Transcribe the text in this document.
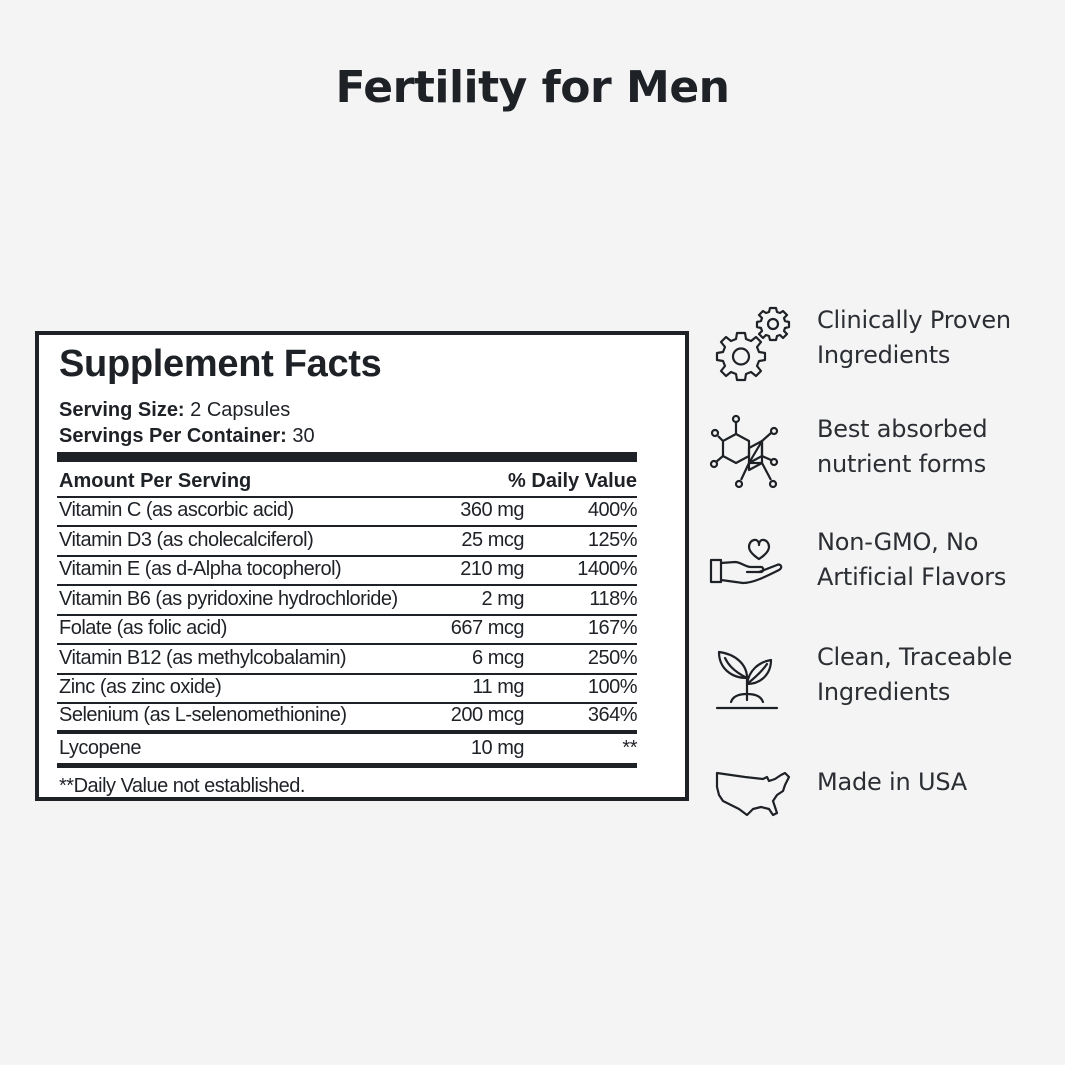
Fertility for Men
Supplement Facts
Serving Size: 2 Capsules
Servings Per Container: 30
Amount Per Serving	% Daily Value
Vitamin C (as ascorbic acid)	360 mg	400%
Vitamin D3 (as cholecalciferol)	25 mcg	125%
Vitamin E (as d-Alpha tocopherol)	210 mg	1400%
Vitamin B6 (as pyridoxine hydrochloride)	2 mg	118%
Folate (as folic acid)	667 mcg	167%
Vitamin B12 (as methylcobalamin)	6 mcg	250%
Zinc (as zinc oxide)	11 mg	100%
Selenium (as L-selenomethionine)	200 mcg	364%
Lycopene	10 mg	**
**Daily Value not established.
Clinically Proven
Ingredients
Best absorbed
nutrient forms
Non-GMO, No
Artificial Flavors
Clean, Traceable
Ingredients
Made in USA
